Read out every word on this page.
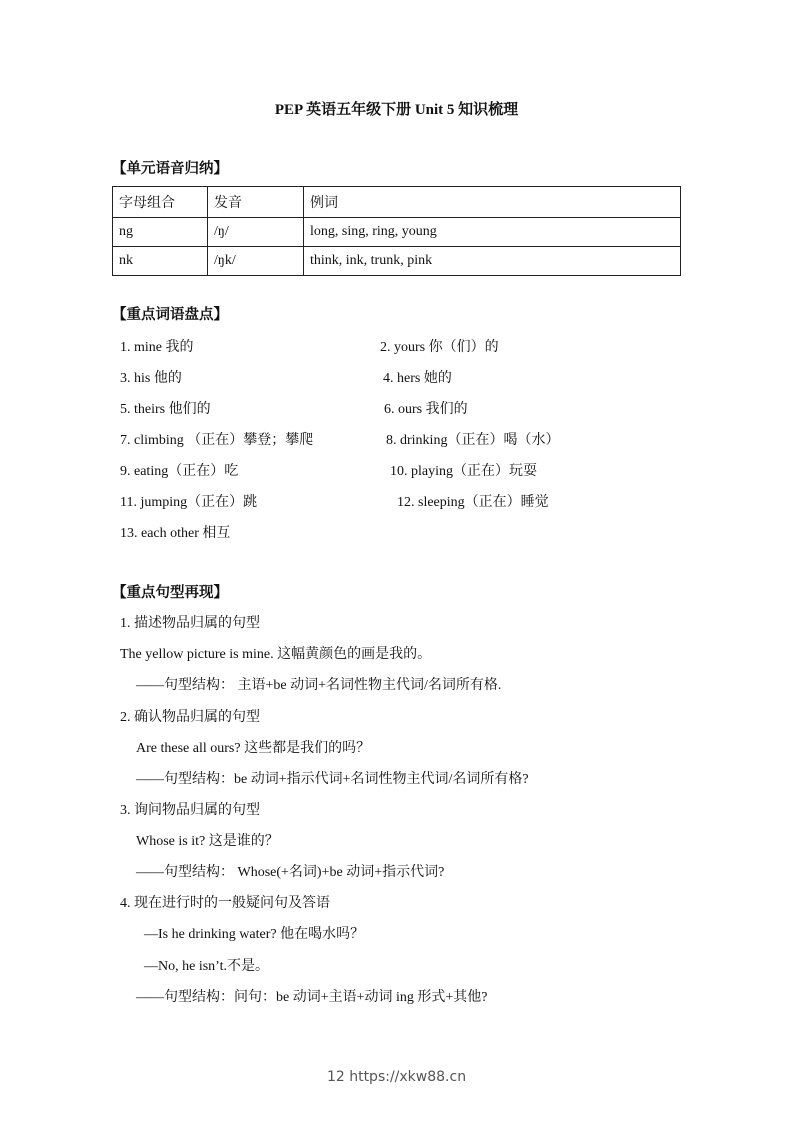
PEP 英语五年级下册 Unit 5 知识梳理
【单元语音归纳】
字母组合	发音	例词
ng	/ŋ/	long, sing, ring, young
nk	/ŋk/	think, ink, trunk, pink
【重点词语盘点】
1. mine 我的	2. yours 你（们）的
3. his 他的	4. hers 她的
5. theirs 他们的	6. ours 我们的
7. climbing （正在）攀登；攀爬	8. drinking（正在）喝（水）
9. eating（正在）吃	10. playing（正在）玩耍
11. jumping（正在）跳	12. sleeping（正在）睡觉
13. each other 相互
【重点句型再现】
1. 描述物品归属的句型
The yellow picture is mine. 这幅黄颜色的画是我的。
——句型结构： 主语+be 动词+名词性物主代词/名词所有格.
2. 确认物品归属的句型
Are these all ours? 这些都是我们的吗？
——句型结构：be 动词+指示代词+名词性物主代词/名词所有格?
3. 询问物品归属的句型
Whose is it? 这是谁的？
——句型结构： Whose(+名词)+be 动词+指示代词?
4. 现在进行时的一般疑问句及答语
—Is he drinking water? 他在喝水吗？
—No, he isn’t.不是。
——句型结构：问句：be 动词+主语+动词 ing 形式+其他?
12 https://xkw88.cn
